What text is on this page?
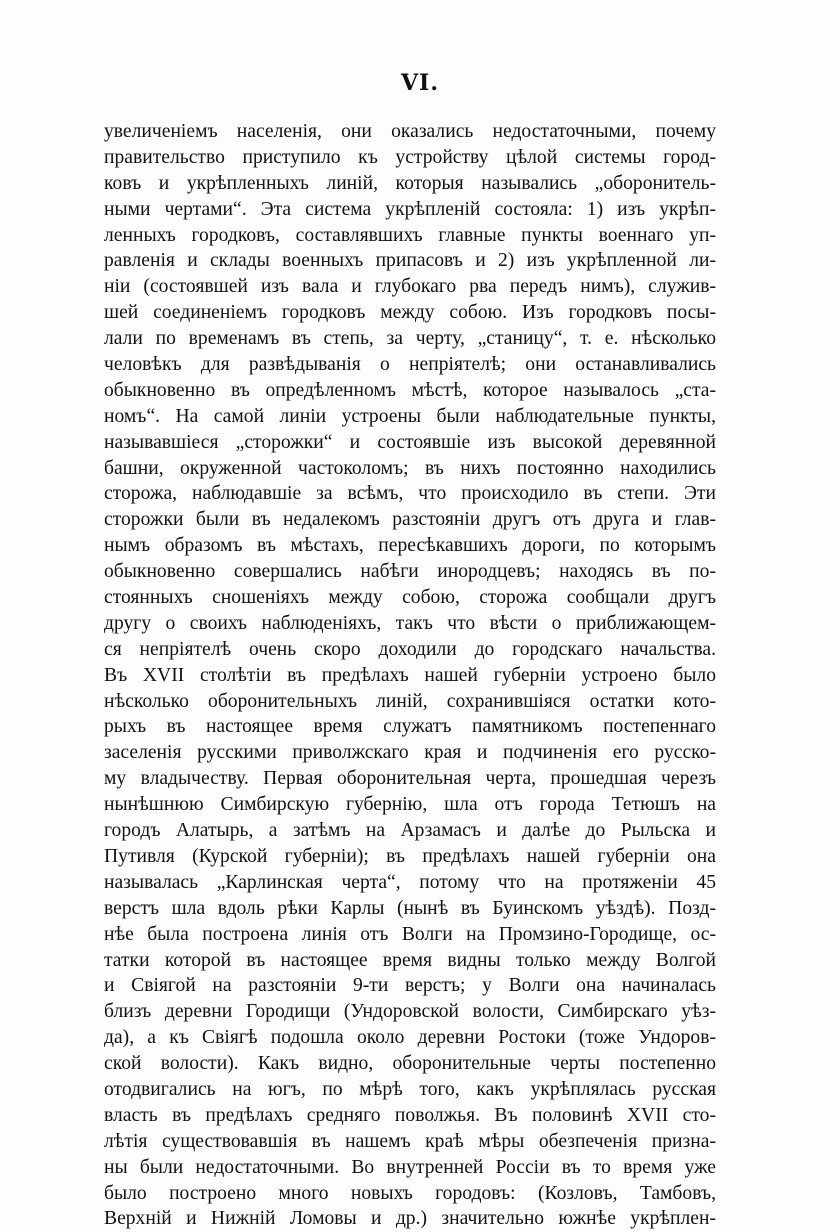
VI.
увеличенiемъ населенiя, они оказались недостаточными, почему
правительство приступило къ устройству цѣлой системы город-
ковъ и укрѣпленныхъ линiй, которыя назывались „оборонитель-
ными чертами“. Эта система укрѣпленiй состояла: 1) изъ укрѣп-
ленныхъ городковъ, составлявшихъ главные пункты военнаго уп-
равленiя и склады военныхъ припасовъ и 2) изъ укрѣпленной ли-
нiи (состоявшей изъ вала и глубокаго рва передъ нимъ), служив-
шей соединенiемъ городковъ между собою. Изъ городковъ посы-
лали по временамъ въ степь, за черту, „станицу“, т. е. нѣсколько
человѣкъ для развѣдыванiя о непрiятелѣ; они останавливались
обыкновенно въ опредѣленномъ мѣстѣ, которое называлось „ста-
номъ“. На самой линiи устроены были наблюдательные пункты,
называвшiеся „сторожки“ и состоявшiе изъ высокой деревянной
башни, окруженной частоколомъ; въ нихъ постоянно находились
сторожа, наблюдавшiе за всѣмъ, что происходило въ степи. Эти
сторожки были въ недалекомъ разстоянiи другъ отъ друга и глав-
нымъ образомъ въ мѣстахъ, пересѣкавшихъ дороги, по которымъ
обыкновенно совершались набѣги инородцевъ; находясь въ по-
стоянныхъ сношенiяхъ между собою, сторожа сообщали другъ
другу о своихъ наблюденiяхъ, такъ что вѣсти о приближающем-
ся непрiятелѣ очень скоро доходили до городскаго начальства.
Въ XVII столѣтiи въ предѣлахъ нашей губернiи устроено было
нѣсколько оборонительныхъ линiй, сохранившiяся остатки кото-
рыхъ въ настоящее время служатъ памятникомъ постепеннаго
заселенiя русскими приволжскаго края и подчиненiя его русско-
му владычеству. Первая оборонительная черта, прошедшая черезъ
нынѣшнюю Симбирскую губернiю, шла отъ города Тетюшъ на
городъ Алатырь, а затѣмъ на Арзамасъ и далѣе до Рыльска и
Путивля (Курской губернiи); въ предѣлахъ нашей губернiи она
называлась „Карлинская черта“, потому что на протяженiи 45
верстъ шла вдоль рѣки Карлы (нынѣ въ Буинскомъ уѣздѣ). Позд-
нѣе была построена линiя отъ Волги на Промзино-Городище, ос-
татки которой въ настоящее время видны только между Волгой
и Свiягой на разстоянiи 9-ти верстъ; у Волги она начиналась
близъ деревни Городищи (Ундоровской волости, Симбирскаго уѣз-
да), а къ Свiягѣ подошла около деревни Ростоки (тоже Ундоров-
ской волости). Какъ видно, оборонительные черты постепенно
отодвигались на югъ, по мѣрѣ того, какъ укрѣплялась русская
власть въ предѣлахъ средняго поволжья. Въ половинѣ XVII сто-
лѣтiя существовавшiя въ нашемъ краѣ мѣры обезпеченiя призна-
ны были недостаточными. Во внутренней Россiи въ то время уже
было построено много новыхъ городовъ: (Козловъ, Тамбовъ,
Верхнiй и Нижнiй Ломовы и др.) значительно южнѣе укрѣплен-
